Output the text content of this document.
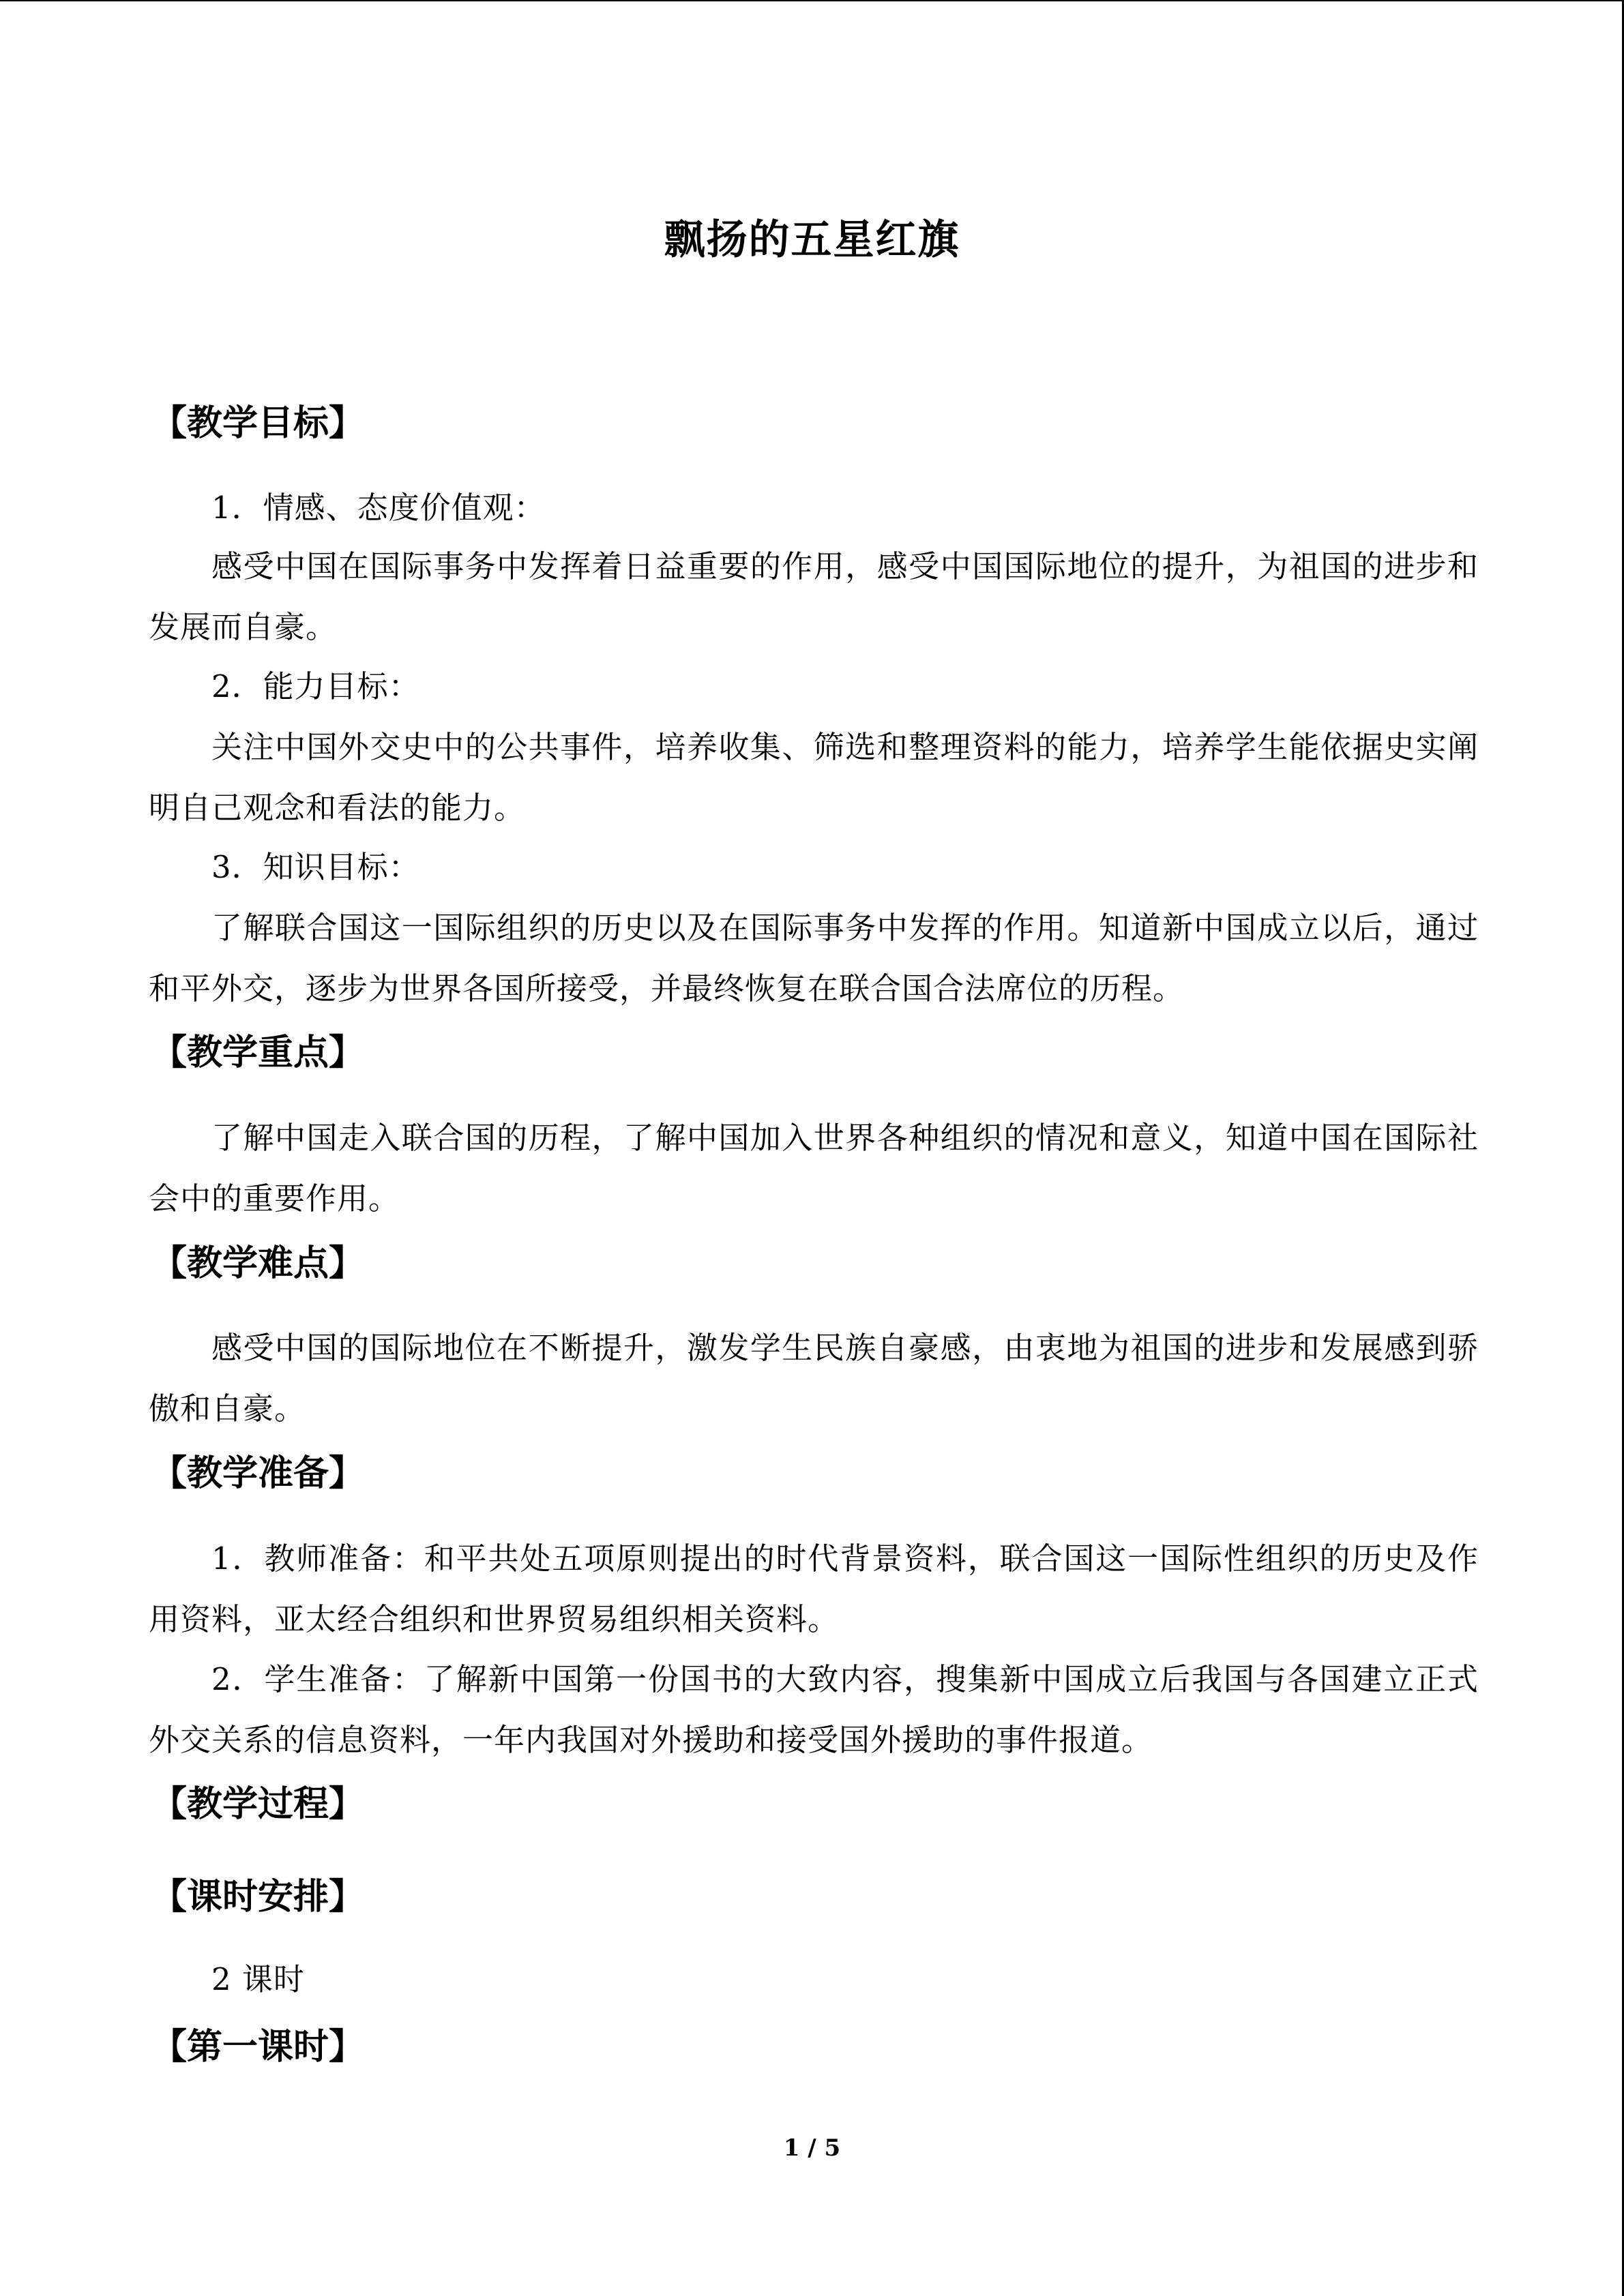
飘扬的五星红旗
【教学目标】
1．情感、态度价值观：
感受中国在国际事务中发挥着日益重要的作用，感受中国国际地位的提升，为祖国的进步和发展而自豪。
2．能力目标：
关注中国外交史中的公共事件，培养收集、筛选和整理资料的能力，培养学生能依据史实阐明自己观念和看法的能力。
3．知识目标：
了解联合国这一国际组织的历史以及在国际事务中发挥的作用。知道新中国成立以后，通过和平外交，逐步为世界各国所接受，并最终恢复在联合国合法席位的历程。
【教学重点】
了解中国走入联合国的历程，了解中国加入世界各种组织的情况和意义，知道中国在国际社会中的重要作用。
【教学难点】
感受中国的国际地位在不断提升，激发学生民族自豪感，由衷地为祖国的进步和发展感到骄傲和自豪。
【教学准备】
1．教师准备：和平共处五项原则提出的时代背景资料，联合国这一国际性组织的历史及作用资料，亚太经合组织和世界贸易组织相关资料。
2．学生准备：了解新中国第一份国书的大致内容，搜集新中国成立后我国与各国建立正式外交关系的信息资料，一年内我国对外援助和接受国外援助的事件报道。
【教学过程】
【课时安排】
2 课时
【第一课时】
1 / 5
